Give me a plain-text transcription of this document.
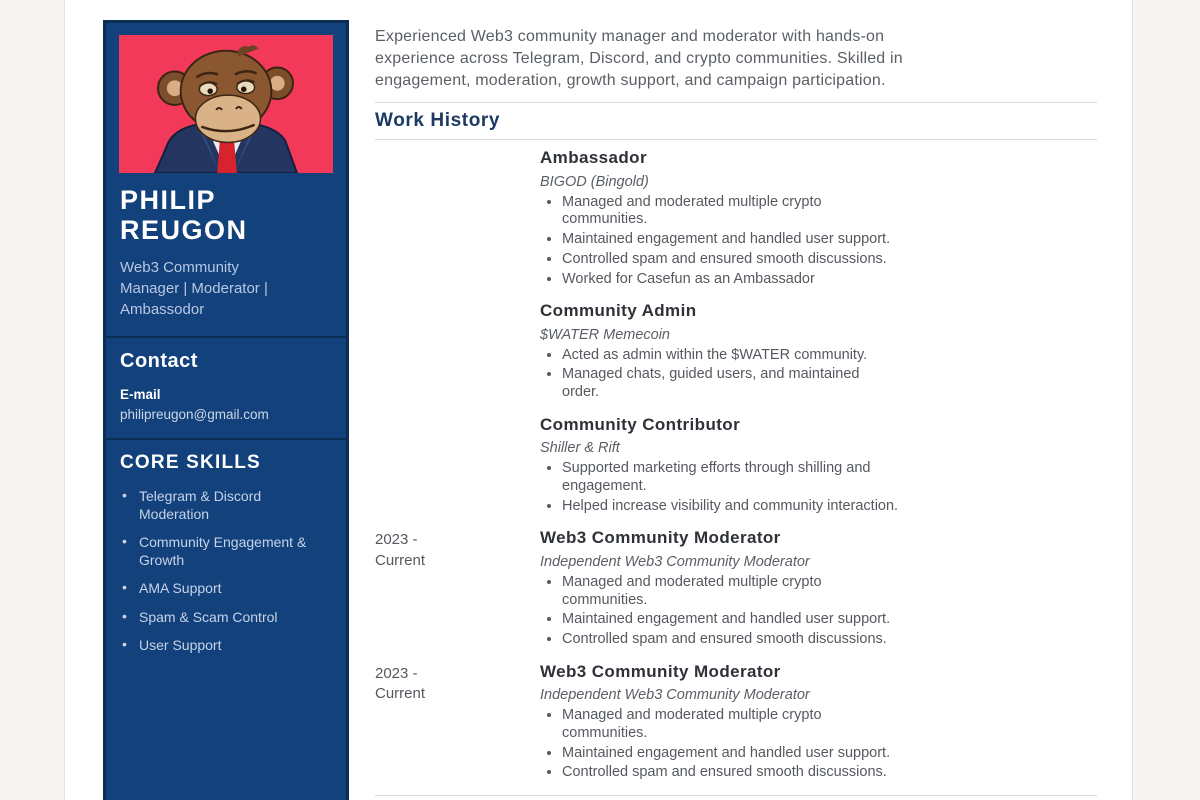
PHILIP REUGON
Web3 Community Manager | Moderator | Ambassodor
Contact
E-mail
philipreugon@gmail.com
CORE SKILLS
• Telegram & Discord Moderation
• Community Engagement & Growth
• AMA Support
• Spam & Scam Control
• User Support

Experienced Web3 community manager and moderator with hands-on experience across Telegram, Discord, and crypto communities. Skilled in engagement, moderation, growth support, and campaign participation.

Work History
Ambassador
BIGOD (Bingold)
• Managed and moderated multiple crypto communities.
• Maintained engagement and handled user support.
• Controlled spam and ensured smooth discussions.
• Worked for Casefun as an Ambassador
Community Admin
$WATER Memecoin
• Acted as admin within the $WATER community.
• Managed chats, guided users, and maintained order.
Community Contributor
Shiller & Rift
• Supported marketing efforts through shilling and engagement.
• Helped increase visibility and community interaction.
2023 - Current
Web3 Community Moderator
Independent Web3 Community Moderator
• Managed and moderated multiple crypto communities.
• Maintained engagement and handled user support.
• Controlled spam and ensured smooth discussions.
2023 - Current
Web3 Community Moderator
Independent Web3 Community Moderator
• Managed and moderated multiple crypto communities.
• Maintained engagement and handled user support.
• Controlled spam and ensured smooth discussions.
